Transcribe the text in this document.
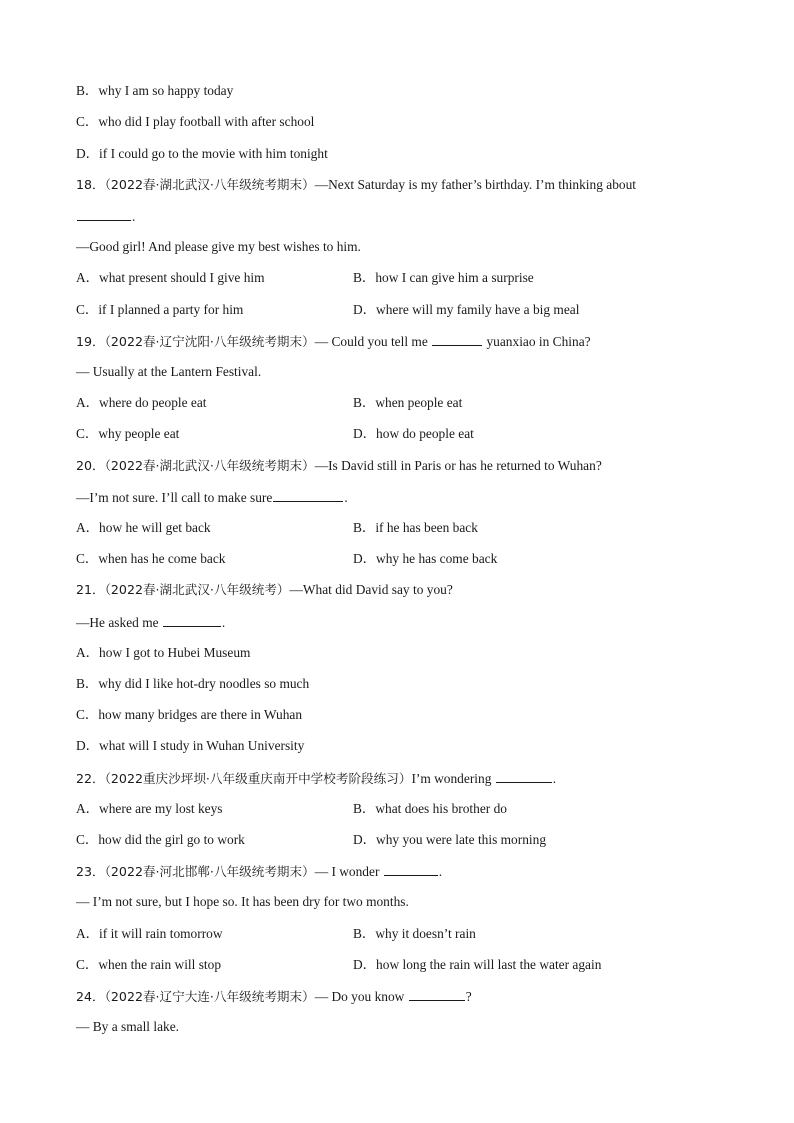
B．why I am so happy today
C．who did I play football with after school
D．if I could go to the movie with him tonight
18．（2022春·湖北武汉·八年级统考期末）—Next Saturday is my father’s birthday. I’m thinking about
.
—Good girl! And please give my best wishes to him.
A．what present should I give him	B．how I can give him a surprise
C．if I planned a party for him	D．where will my family have a big meal
19．（2022春·辽宁沈阳·八年级统考期末）— Could you tell me	yuanxiao in China?
— Usually at the Lantern Festival.
A．where do people eat	B．when people eat
C．why people eat	D．how do people eat
20．（2022春·湖北武汉·八年级统考期末）—Is David still in Paris or has he returned to Wuhan?
—I’m not sure. I’ll call to make sure	.
A．how he will get back	B．if he has been back
C．when has he come back	D．why he has come back
21．（2022春·湖北武汉·八年级统考）—What did David say to you?
—He asked me	.
A．how I got to Hubei Museum
B．why did I like hot-dry noodles so much
C．how many bridges are there in Wuhan
D．what will I study in Wuhan University
22．（2022重庆沙坪坝·八年级重庆南开中学校考阶段练习）I’m wondering	.
A．where are my lost keys	B．what does his brother do
C．how did the girl go to work	D．why you were late this morning
23．（2022春·河北邯郸·八年级统考期末）— I wonder	.
— I’m not sure, but I hope so. It has been dry for two months.
A．if it will rain tomorrow	B．why it doesn’t rain
C．when the rain will stop	D．how long the rain will last the water again
24．（2022春·辽宁大连·八年级统考期末）— Do you know	?
— By a small lake.
